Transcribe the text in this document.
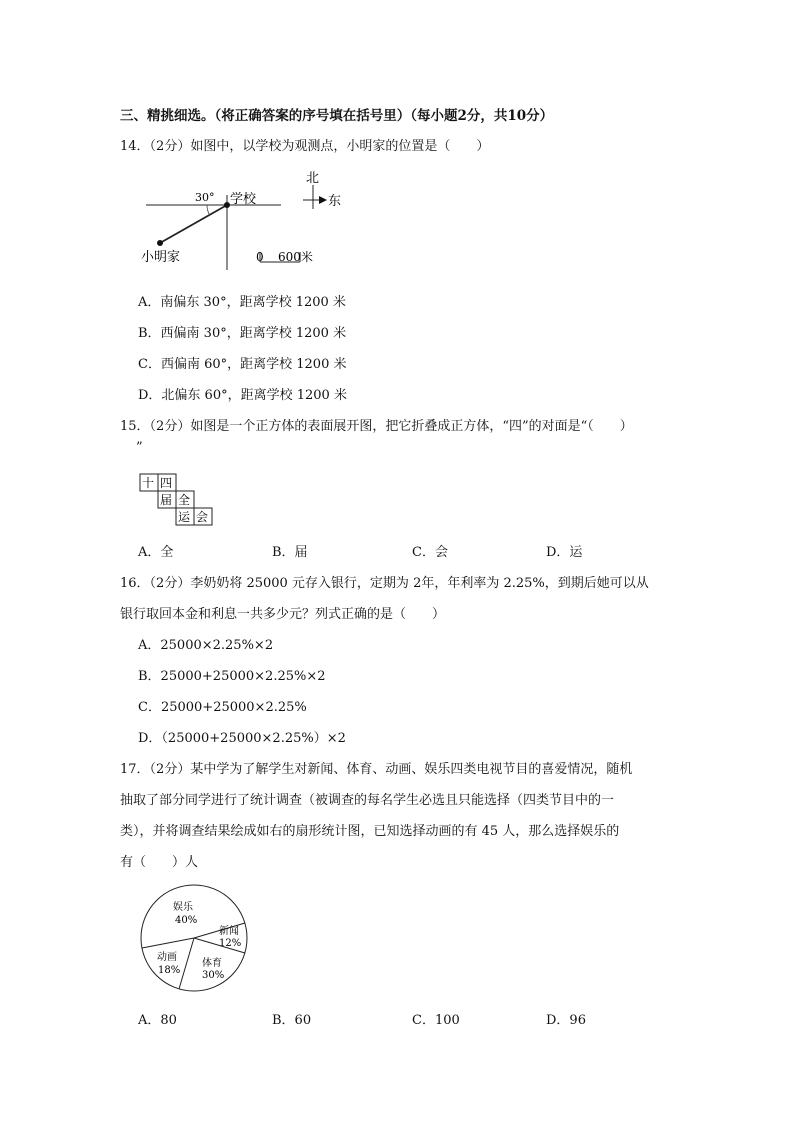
三、精挑细选。（将正确答案的序号填在括号里）（每小题2分，共10分）
14．（2分）如图中，以学校为观测点，小明家的位置是（　　）
30° 学校
小明家	0 600米
北
东
A．南偏东 30°，距离学校 1200 米
B．西偏南 30°，距离学校 1200 米
C．西偏南 60°，距离学校 1200 米
D．北偏东 60°，距离学校 1200 米
15．（2分）如图是一个正方体的表面展开图，把它折叠成正方体，“四”的对面是“（　　）
”
十 四
届 全
运 会
A．全	B．届	C．会	D．运
16．（2分）李奶奶将 25000 元存入银行，定期为 2年，年利率为 2.25%，到期后她可以从
银行取回本金和利息一共多少元？列式正确的是（　　）
A．25000×2.25%×2
B．25000+25000×2.25%×2
C．25000+25000×2.25%
D．（25000+25000×2.25%）×2
17．（2分）某中学为了解学生对新闻、体育、动画、娱乐四类电视节目的喜爱情况，随机
抽取了部分同学进行了统计调查（被调查的每名学生必选且只能选择（四类节目中的一
类），并将调查结果绘成如右的扇形统计图，已知选择动画的有 45 人，那么选择娱乐的
有（　　）人
娱乐
40%
新闻
12%
体育
30%
动画
18%
A．80	B．60	C．100	D．96
